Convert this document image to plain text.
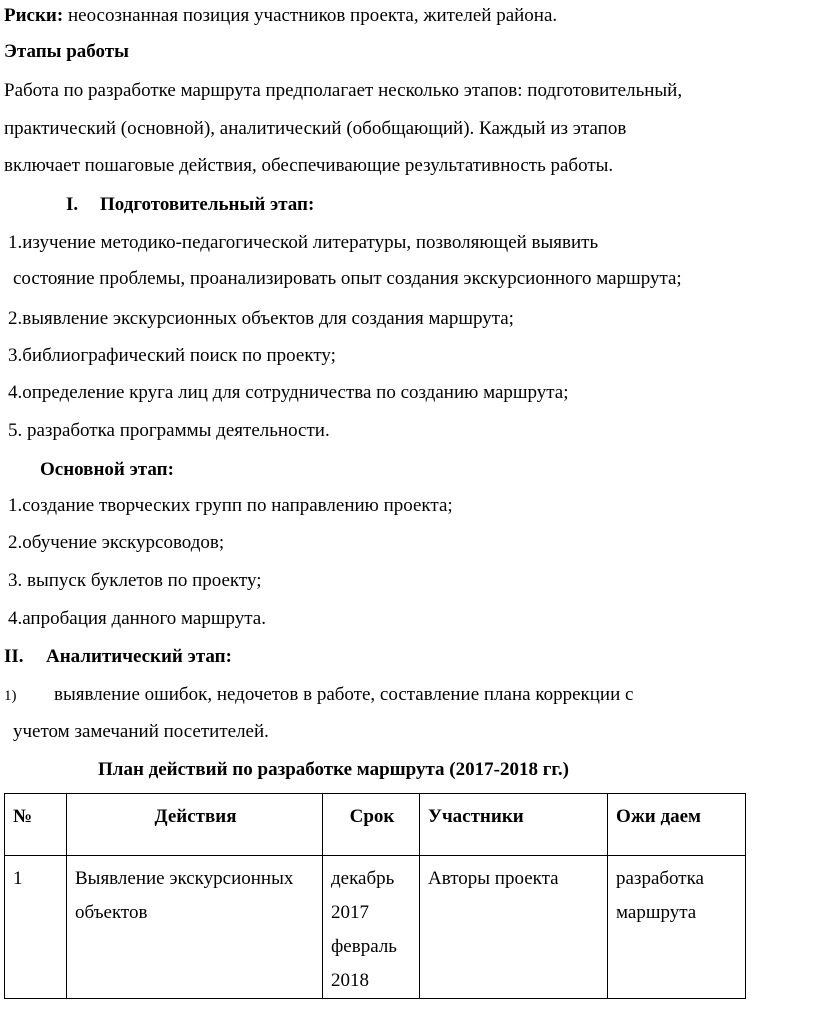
Риски: неосознанная позиция участников проекта, жителей района.
Этапы работы
Работа по разработке маршрута предполагает несколько этапов: подготовительный,
практический (основной), аналитический (обобщающий). Каждый из этапов
включает пошаговые действия, обеспечивающие результативность работы.
I. Подготовительный этап:
1.изучение методико-педагогической литературы, позволяющей выявить
состояние проблемы, проанализировать опыт создания экскурсионного маршрута;
2.выявление экскурсионных объектов для создания маршрута;
3.библиографический поиск по проекту;
4.определение круга лиц для сотрудничества по созданию маршрута;
5. разработка программы деятельности.
Основной этап:
1.создание творческих групп по направлению проекта;
2.обучение экскурсоводов;
3. выпуск буклетов по проекту;
4.апробация данного маршрута.
II. Аналитический этап:
1) выявление ошибок, недочетов в работе, составление плана коррекции с
учетом замечаний посетителей.
План действий по разработке маршрута (2017-2018 гг.)
№	Действия	Срок	Участники	Ожи даем
1	Выявление экскурсионных объектов	декабрь 2017 февраль 2018	Авторы проекта	разработка маршрута
